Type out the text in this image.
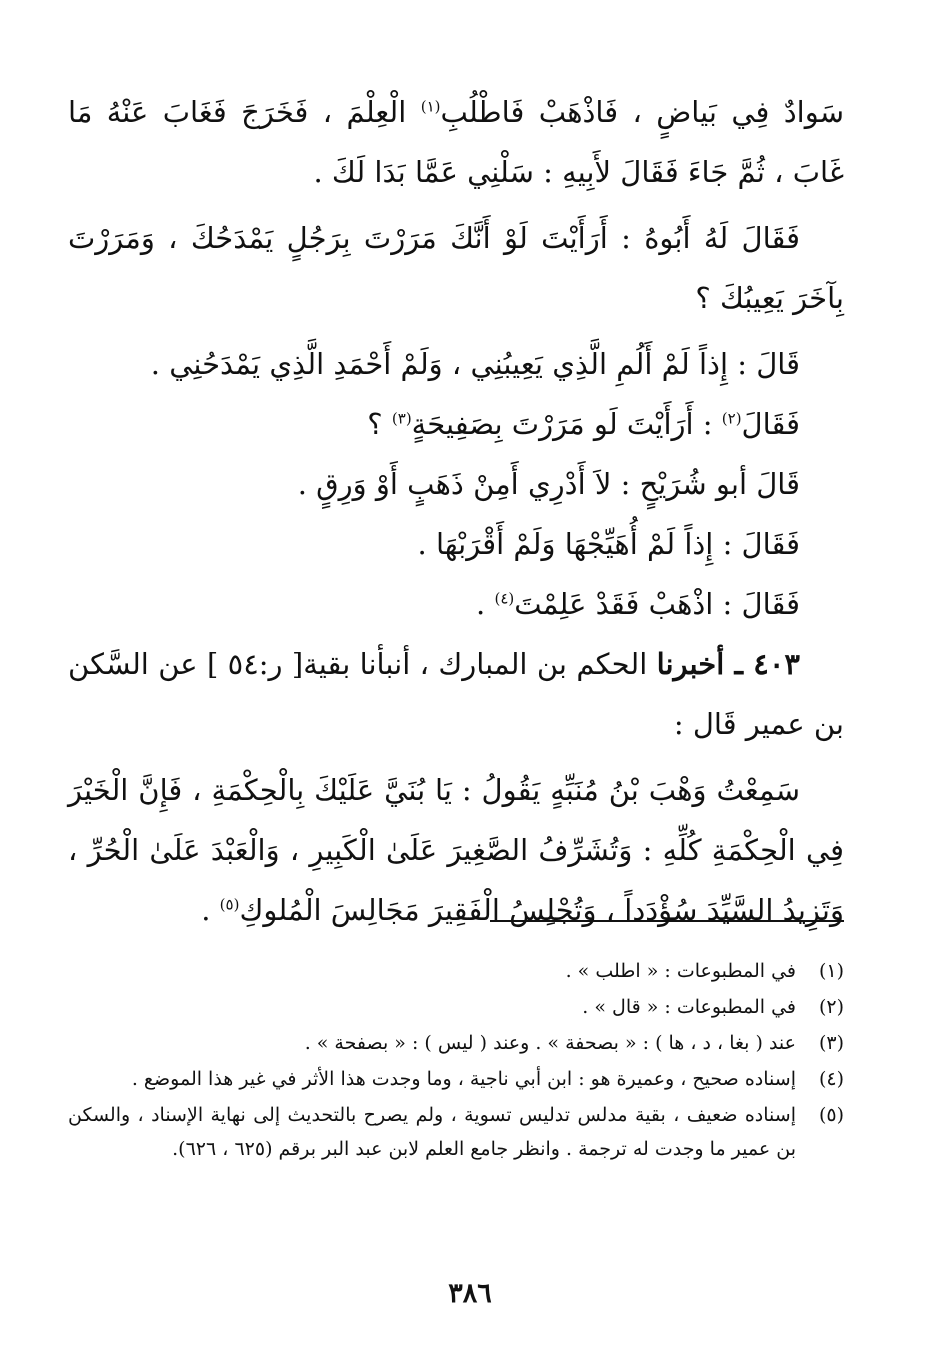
سَوادٌ فِي بَياضٍ ، فَاذْهَبْ فَاطْلُبِ$^{(١)}$ الْعِلْمَ ، فَخَرَجَ فَغَابَ عَنْهُ مَا غَابَ ، ثُمَّ جَاءَ فَقَالَ لأَبِيهِ : سَلْنِي عَمَّا بَدَا لَكَ .

فَقَالَ لَهُ أَبُوهُ : أَرَأَيْتَ لَوْ أَنَّكَ مَرَرْتَ بِرَجُلٍ يَمْدَحُكَ ، وَمَرَرْتَ بِآخَرَ يَعِيبُكَ ؟

قَالَ : إِذاً لَمْ أَلُمِ الَّذِي يَعِيبُنِي ، وَلَمْ أَحْمَدِ الَّذِي يَمْدَحُنِي .

فَقَالَ$^{(٢)}$ : أَرَأَيْتَ لَو مَرَرْتَ بِصَفِيحَةٍ$^{(٣)}$ ؟

قَالَ أبو شُرَيْحٍ : لاَ أَدْرِي أَمِنْ ذَهَبٍ أَوْ وَرِقٍ .

فَقَالَ : إِذاً لَمْ أُهَيِّجْهَا وَلَمْ أَقْرَبْهَا .

فَقَالَ : اذْهَبْ فَقَدْ عَلِمْتَ$^{(٤)}$ .

٤٠٣ ـ أخبرنا الحكم بن المبارك ، أنبأنا بقية[ ر:٥٤ ] عن السَّكن بن عمير قَال :

سَمِعْتُ وَهْبَ بْنُ مُنَبِّهٍ يَقُولُ : يَا بُنَيَّ عَلَيْكَ بِالْحِكْمَةِ ، فَإِنَّ الْخَيْرَ فِي الْحِكْمَةِ كُلِّهِ : وَتُشَرِّفُ الصَّغِيرَ عَلَىٰ الْكَبِيرِ ، وَالْعَبْدَ عَلَىٰ الْحُرِّ ، وَتَزِيدُ السَّيِّدَ سُؤْدَداً ، وَتُجْلِسُ الْفَقِيرَ مَجَالِسَ الْمُلوكِ$^{(٥)}$ .

(١)
في المطبوعات : « اطلب » .
(٢)
في المطبوعات : « قال » .
(٣)
عند ( بغا ، د ، ها ) : « بصحفة » . وعند ( ليس ) : « بصفحة » .
(٤)
إسناده صحيح ، وعميرة هو : ابن أبي ناجية ، وما وجدت هذا الأثر في غير هذا الموضع .
(٥)
إسناده ضعيف ، بقية مدلس تدليس تسوية ، ولم يصرح بالتحديث إلى نهاية الإسناد ، والسكن بن عمير ما وجدت له ترجمة . وانظر جامع العلم لابن عبد البر برقم (٦٢٥ ، ٦٢٦).
٣٨٦
